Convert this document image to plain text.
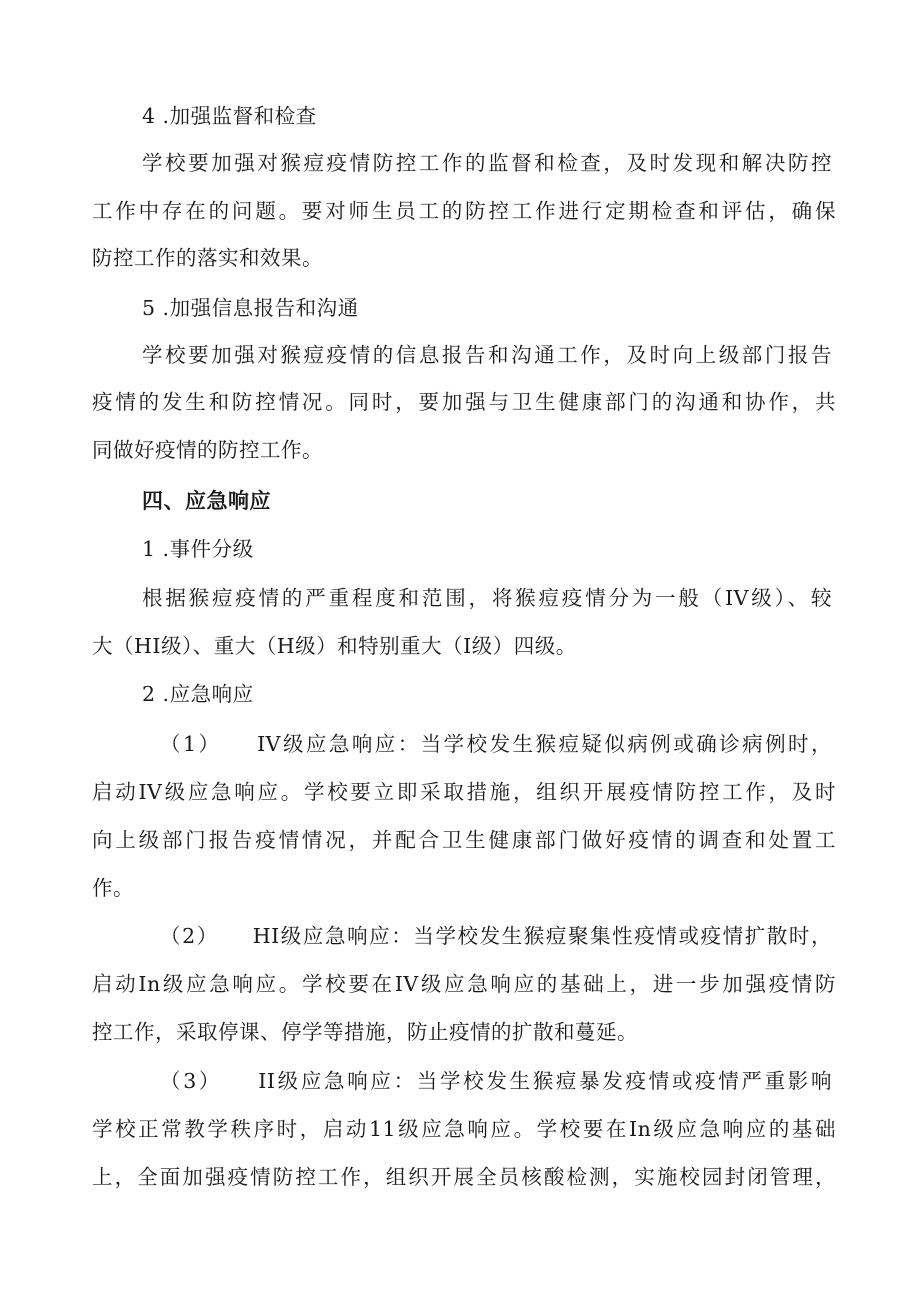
4 .加强监督和检查
学校要加强对猴痘疫情防控工作的监督和检查，及时发现和解决防控
工作中存在的问题。要对师生员工的防控工作进行定期检查和评估，确保
防控工作的落实和效果。
5 .加强信息报告和沟通
学校要加强对猴痘疫情的信息报告和沟通工作，及时向上级部门报告
疫情的发生和防控情况。同时，要加强与卫生健康部门的沟通和协作，共
同做好疫情的防控工作。
四、应急响应
1 .事件分级
根据猴痘疫情的严重程度和范围，将猴痘疫情分为一般（IV级）、较
大（HI级）、重大（H级）和特别重大（I级）四级。
2 .应急响应
（1）　　IV级应急响应：当学校发生猴痘疑似病例或确诊病例时，
启动IV级应急响应。学校要立即采取措施，组织开展疫情防控工作，及时
向上级部门报告疫情情况，并配合卫生健康部门做好疫情的调查和处置工
作。
（2）　　HI级应急响应：当学校发生猴痘聚集性疫情或疫情扩散时，
启动In级应急响应。学校要在IV级应急响应的基础上，进一步加强疫情防
控工作，采取停课、停学等措施，防止疫情的扩散和蔓延。
（3）　　II级应急响应：当学校发生猴痘暴发疫情或疫情严重影响
学校正常教学秩序时，启动11级应急响应。学校要在In级应急响应的基础
上，全面加强疫情防控工作，组织开展全员核酸检测，实施校园封闭管理，
